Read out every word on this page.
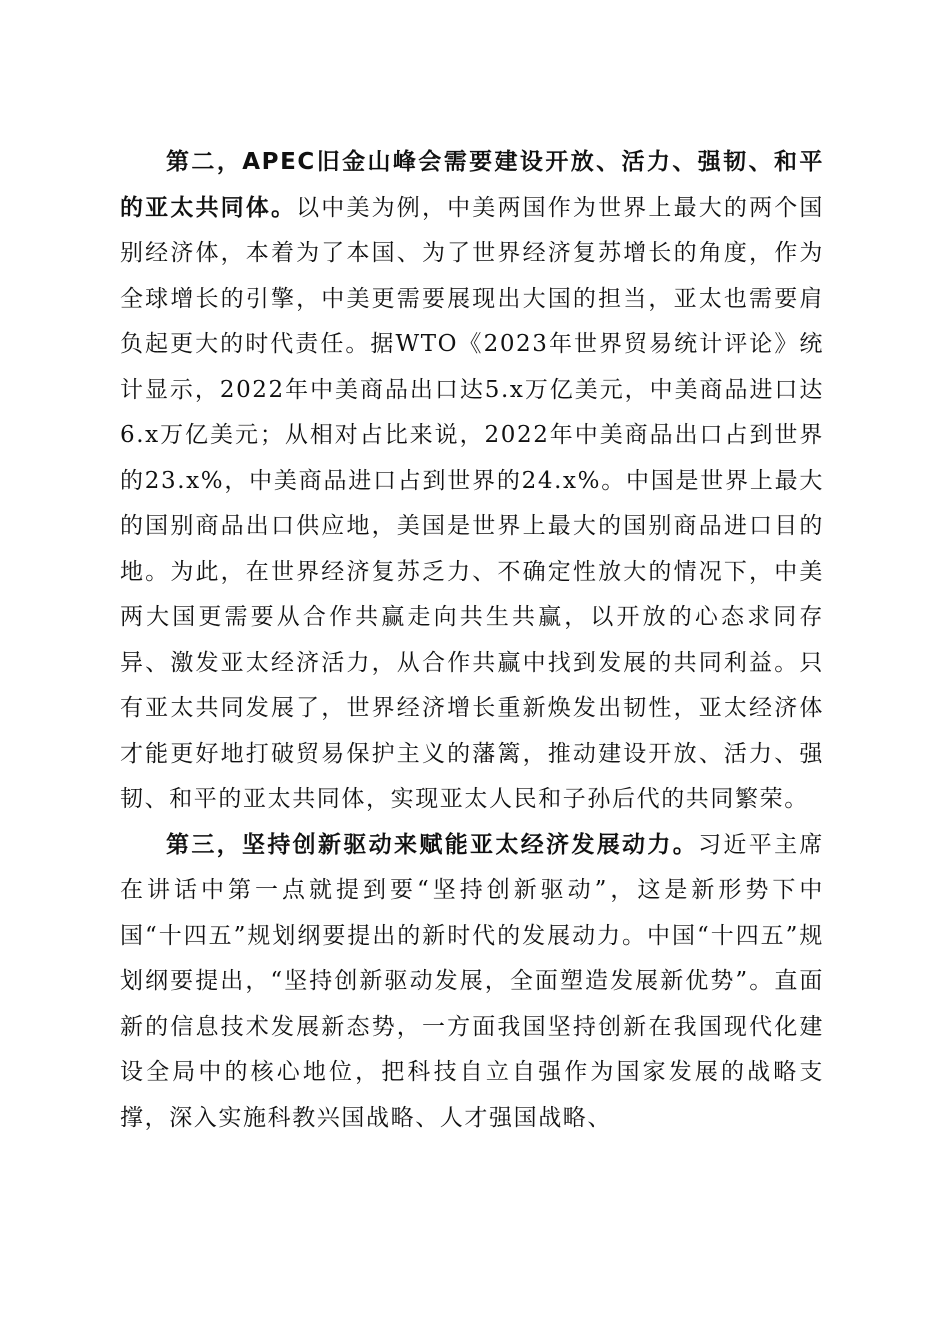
第二，APEC旧金山峰会需要建设开放、活力、强韧、和平的亚太共同体。以中美为例，中美两国作为世界上最大的两个国别经济体，本着为了本国、为了世界经济复苏增长的角度，作为全球增长的引擎，中美更需要展现出大国的担当，亚太也需要肩负起更大的时代责任。据WTO《2023年世界贸易统计评论》统计显示，2022年中美商品出口达5.x万亿美元，中美商品进口达6.x万亿美元；从相对占比来说，2022年中美商品出口占到世界的23.x%，中美商品进口占到世界的24.x%。中国是世界上最大的国别商品出口供应地，美国是世界上最大的国别商品进口目的地。为此，在世界经济复苏乏力、不确定性放大的情况下，中美两大国更需要从合作共赢走向共生共赢，以开放的心态求同存异、激发亚太经济活力，从合作共赢中找到发展的共同利益。只有亚太共同发展了，世界经济增长重新焕发出韧性，亚太经济体才能更好地打破贸易保护主义的藩篱，推动建设开放、活力、强韧、和平的亚太共同体，实现亚太人民和子孙后代的共同繁荣。

第三，坚持创新驱动来赋能亚太经济发展动力。习近平主席在讲话中第一点就提到要“坚持创新驱动”，这是新形势下中国“十四五”规划纲要提出的新时代的发展动力。中国“十四五”规划纲要提出，“坚持创新驱动发展，全面塑造发展新优势”。直面新的信息技术发展新态势，一方面我国坚持创新在我国现代化建设全局中的核心地位，把科技自立自强作为国家发展的战略支撑，深入实施科教兴国战略、人才强国战略、
